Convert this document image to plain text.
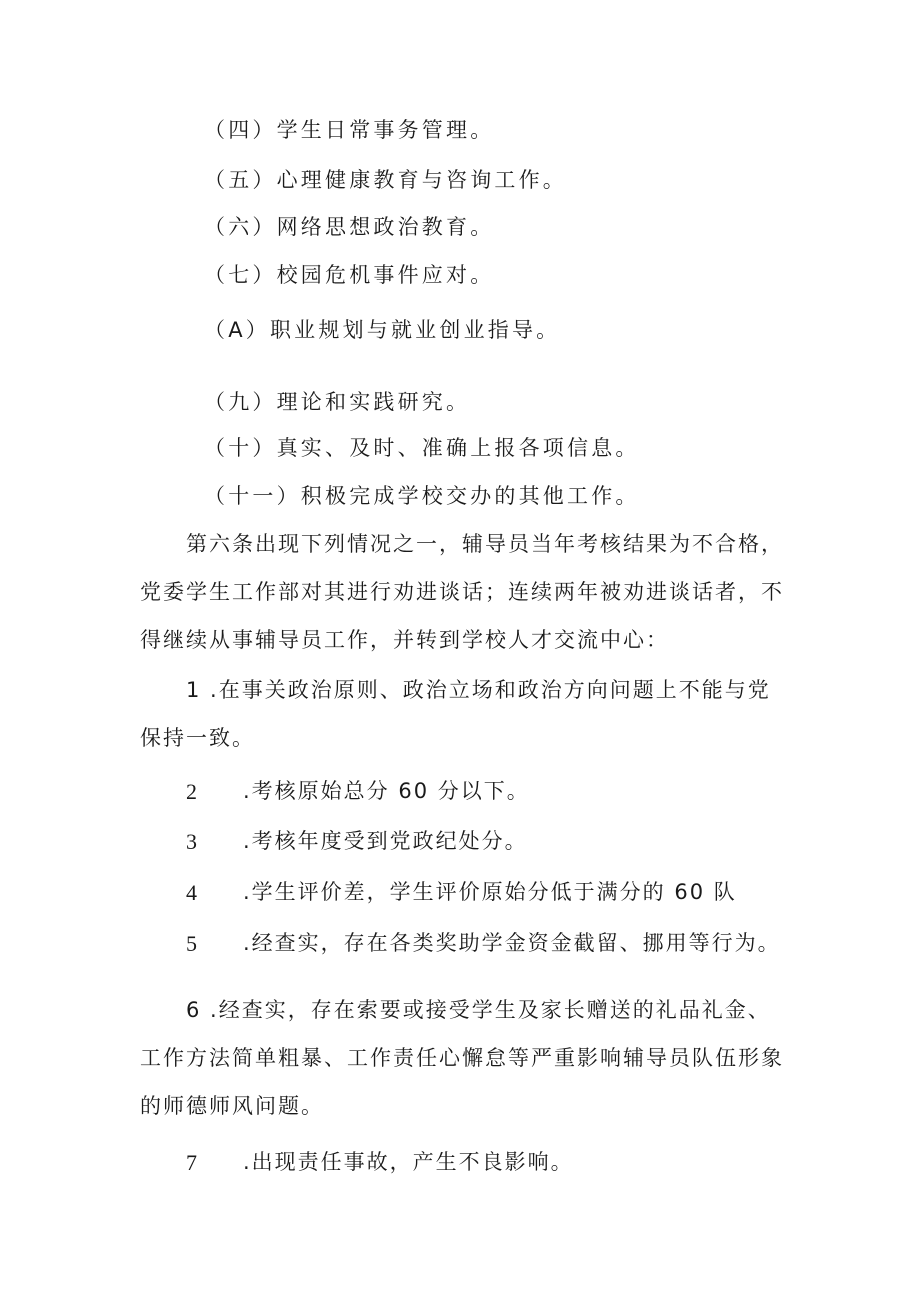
（四）学生日常事务管理。
（五）心理健康教育与咨询工作。
（六）网络思想政治教育。
（七）校园危机事件应对。
（A）职业规划与就业创业指导。
（九）理论和实践研究。
（十）真实、及时、准确上报各项信息。
（十一）积极完成学校交办的其他工作。
第六条出现下列情况之一，辅导员当年考核结果为不合格，
党委学生工作部对其进行劝进谈话；连续两年被劝进谈话者，不
得继续从事辅导员工作，并转到学校人才交流中心：
1 .在事关政治原则、政治立场和政治方向问题上不能与党
保持一致。
2 .考核原始总分 60 分以下。
3 .考核年度受到党政纪处分。
4 .学生评价差，学生评价原始分低于满分的 60 队
5 .经查实，存在各类奖助学金资金截留、挪用等行为。
6 .经查实，存在索要或接受学生及家长赠送的礼品礼金、
工作方法简单粗暴、工作责任心懈怠等严重影响辅导员队伍形象
的师德师风问题。
7 .出现责任事故，产生不良影响。
